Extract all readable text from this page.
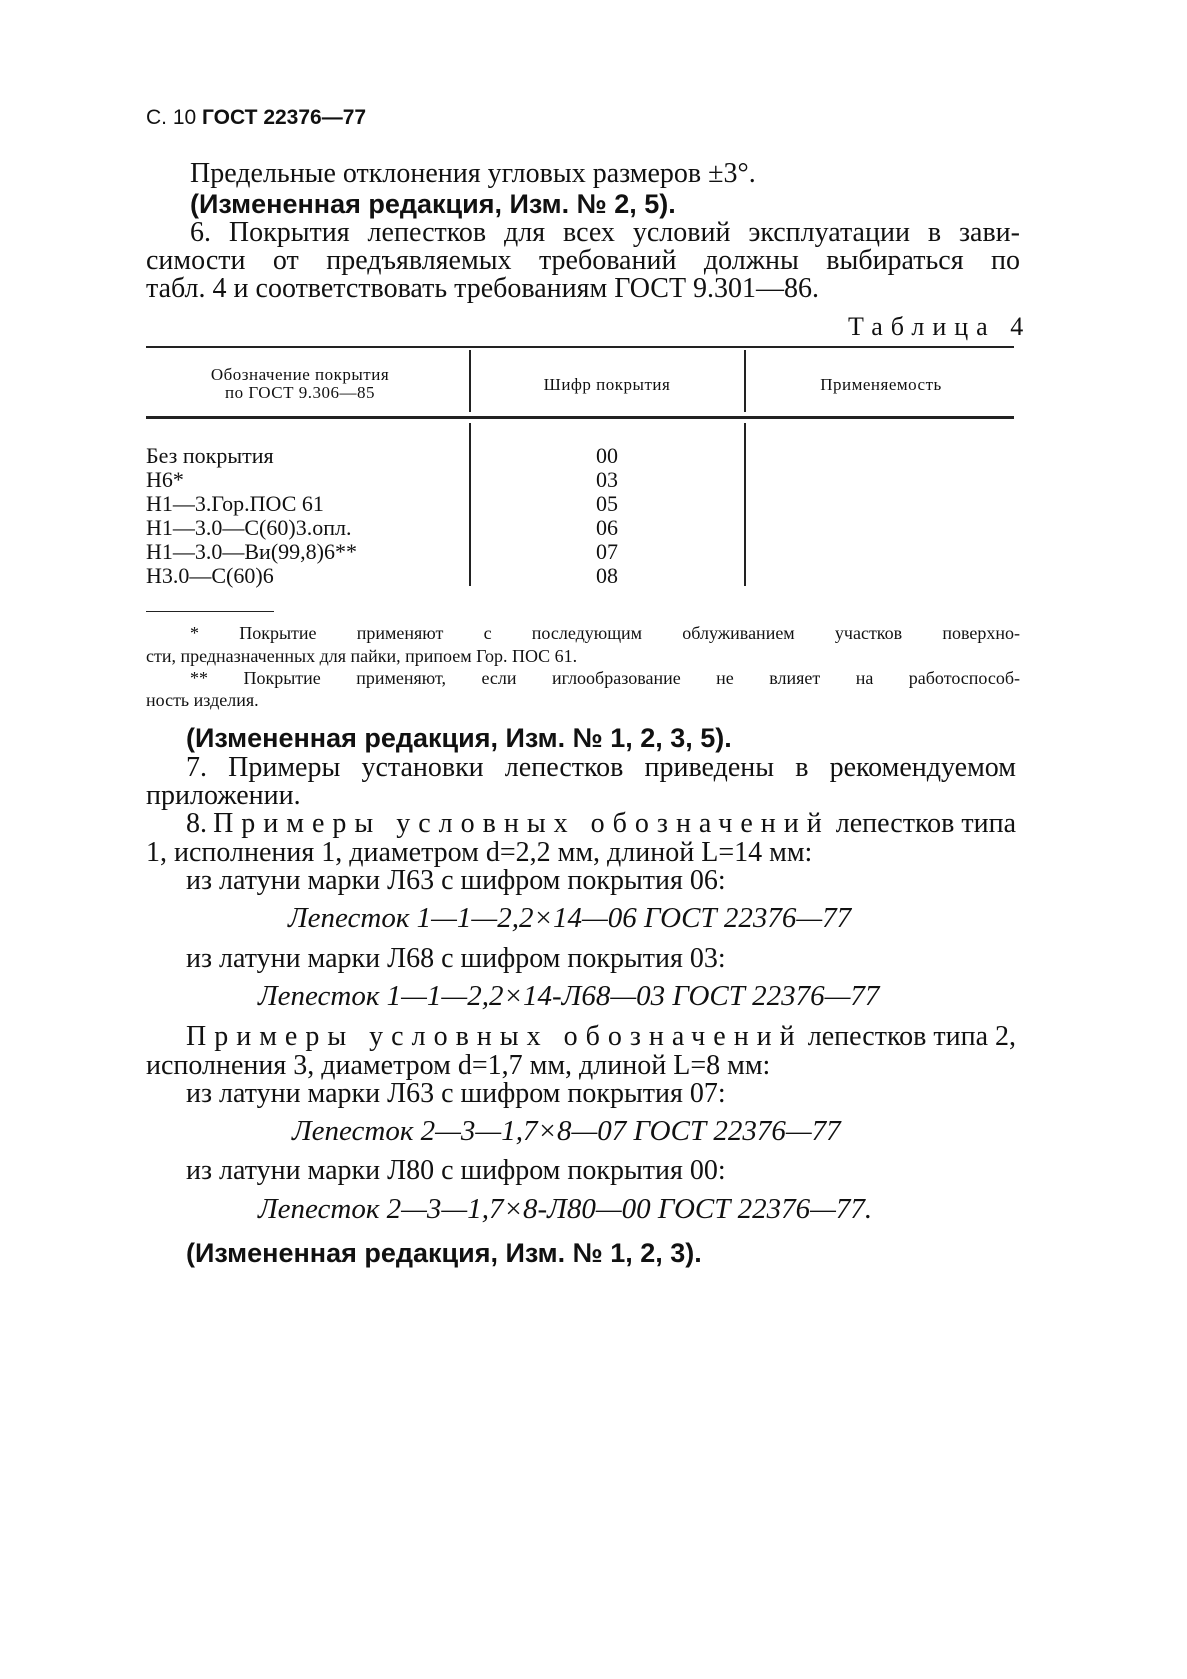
С. 10 ГОСТ 22376—77
Предельные отклонения угловых размеров ±3°.
(Измененная редакция, Изм. № 2, 5).
6. Покрытия лепестков для всех условий эксплуатации в зави-
симости от предъявляемых требований должны выбираться по
табл. 4 и соответствовать требованиям ГОСТ 9.301—86.
Таблица 4
Обозначение покрытия
по ГОСТ 9.306—85	Шифр покрытия	Применяемость
Без покрытия
Н6*
Н1—3.Гор.ПОС 61
Н1—3.0—С(60)3.опл.
Н1—3.0—Ви(99,8)6**
Н3.0—С(60)6
00
03
05
06
07
08
* Покрытие применяют с последующим облуживанием участков поверхно-
сти, предназначенных для пайки, припоем Гор. ПОС 61.
** Покрытие применяют, если иглообразование не влияет на работоспособ-
ность изделия.
(Измененная редакция, Изм. № 1, 2, 3, 5).
7. Примеры установки лепестков приведены в рекомендуемом
приложении.
8. Примеры условных обозначений лепестков типа
1, исполнения 1, диаметром d=2,2 мм, длиной L=14 мм:
из латуни марки Л63 с шифром покрытия 06:
Лепесток 1—1—2,2×14—06 ГОСТ 22376—77
из латуни марки Л68 с шифром покрытия 03:
Лепесток 1—1—2,2×14-Л68—03 ГОСТ 22376—77
Примеры условных обозначений лепестков типа 2,
исполнения 3, диаметром d=1,7 мм, длиной L=8 мм:
из латуни марки Л63 с шифром покрытия 07:
Лепесток 2—3—1,7×8—07 ГОСТ 22376—77
из латуни марки Л80 с шифром покрытия 00:
Лепесток 2—3—1,7×8-Л80—00 ГОСТ 22376—77.
(Измененная редакция, Изм. № 1, 2, 3).
